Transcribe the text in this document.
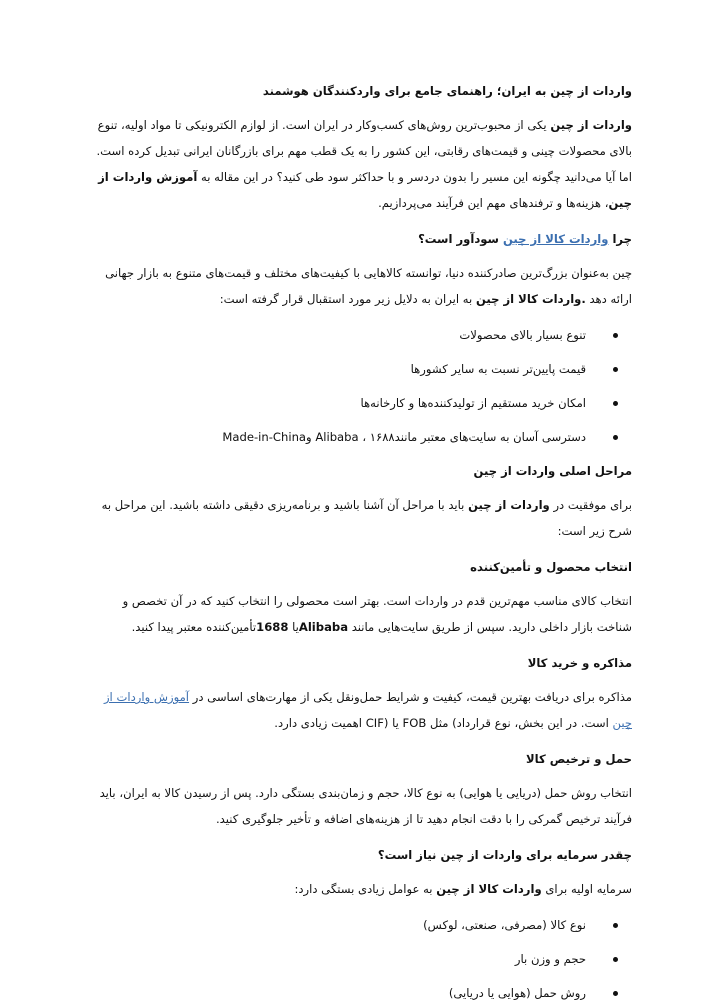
واردات از چین به ایران؛ راهنمای جامع برای واردکنندگان هوشمند
واردات از چین یکی از محبوب‌ترین روش‌های کسب‌وکار در ایران است. از لوازم الکترونیکی تا مواد اولیه، تنوع بالای محصولات چینی و قیمت‌های رقابتی، این کشور را به یک قطب مهم برای بازرگانان ایرانی تبدیل کرده است. اما آیا می‌دانید چگونه این مسیر را بدون دردسر و با حداکثر سود طی کنید؟ در این مقاله به آموزش واردات از چین، هزینه‌ها و ترفندهای مهم این فرآیند می‌پردازیم.
چرا واردات کالا از چین سودآور است؟
چین به‌عنوان بزرگ‌ترین صادرکننده دنیا، توانسته کالاهایی با کیفیت‌های مختلف و قیمت‌های متنوع به بازار جهانی ارائه دهد .واردات کالا از چین به ایران به دلایل زیر مورد استقبال قرار گرفته است:
تنوع بسیار بالای محصولات
قیمت پایین‌تر نسبت به سایر کشورها
امکان خرید مستقیم از تولیدکننده‌ها و کارخانه‌ها
دسترسی آسان به سایت‌های معتبر مانندAlibaba ، ۱۶۸۸ وMade-in-China
مراحل اصلی واردات از چین
برای موفقیت در واردات از چین باید با مراحل آن آشنا باشید و برنامه‌ریزی دقیقی داشته باشید. این مراحل به شرح زیر است:
انتخاب محصول و تأمین‌کننده
انتخاب کالای مناسب مهم‌ترین قدم در واردات است. بهتر است محصولی را انتخاب کنید که در آن تخصص و شناخت بازار داخلی دارید. سپس از طریق سایت‌هایی مانند Alibabaیا 1688تأمین‌کننده معتبر پیدا کنید.
مذاکره و خرید کالا
مذاکره برای دریافت بهترین قیمت، کیفیت و شرایط حمل‌ونقل یکی از مهارت‌های اساسی در آموزش واردات از چین است. در این بخش، نوع قرارداد) مثل FOB یا (CIF اهمیت زیادی دارد.
حمل و ترخیص کالا
انتخاب روش حمل (دریایی یا هوایی) به نوع کالا، حجم و زمان‌بندی بستگی دارد. پس از رسیدن کالا به ایران، باید فرآیند ترخیص گمرکی را با دقت انجام دهید تا از هزینه‌های اضافه و تأخیر جلوگیری کنید.
چقدر سرمایه برای واردات از چین نیاز است؟
سرمایه اولیه برای واردات کالا از چین به عوامل زیادی بستگی دارد:
نوع کالا (مصرفی، صنعتی، لوکس)
حجم و وزن بار
روش حمل (هوایی یا دریایی)
